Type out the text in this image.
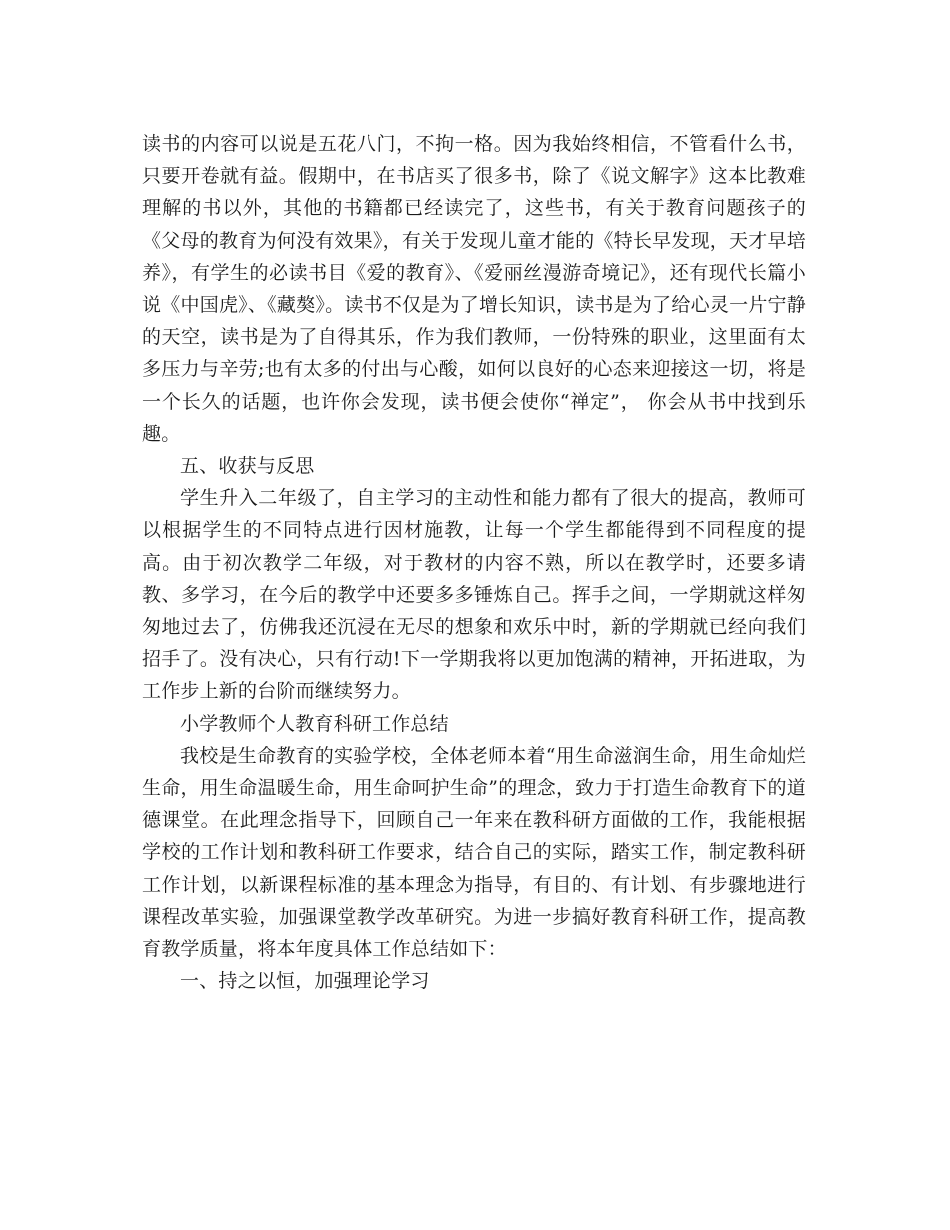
读书的内容可以说是五花八门，不拘一格。因为我始终相信，不管看什么书，只要开卷就有益。假期中，在书店买了很多书，除了《说文解字》这本比教难理解的书以外，其他的书籍都已经读完了，这些书，有关于教育问题孩子的《父母的教育为何没有效果》，有关于发现儿童才能的《特长早发现，天才早培养》，有学生的必读书目《爱的教育》、《爱丽丝漫游奇境记》，还有现代长篇小说《中国虎》、《藏獒》。读书不仅是为了增长知识，读书是为了给心灵一片宁静的天空，读书是为了自得其乐，作为我们教师，一份特殊的职业，这里面有太多压力与辛劳;也有太多的付出与心酸，如何以良好的心态来迎接这一切，将是一个长久的话题，也许你会发现，读书便会使你“禅定”， 你会从书中找到乐趣。

五、收获与反思

学生升入二年级了，自主学习的主动性和能力都有了很大的提高，教师可以根据学生的不同特点进行因材施教，让每一个学生都能得到不同程度的提高。由于初次教学二年级，对于教材的内容不熟，所以在教学时，还要多请教、多学习，在今后的教学中还要多多锤炼自己。挥手之间，一学期就这样匆匆地过去了，仿佛我还沉浸在无尽的想象和欢乐中时，新的学期就已经向我们招手了。没有决心，只有行动!下一学期我将以更加饱满的精神，开拓进取，为工作步上新的台阶而继续努力。

小学教师个人教育科研工作总结

我校是生命教育的实验学校，全体老师本着“用生命滋润生命，用生命灿烂生命，用生命温暖生命，用生命呵护生命”的理念，致力于打造生命教育下的道德课堂。在此理念指导下，回顾自己一年来在教科研方面做的工作，我能根据学校的工作计划和教科研工作要求，结合自己的实际，踏实工作，制定教科研工作计划，以新课程标准的基本理念为指导，有目的、有计划、有步骤地进行课程改革实验，加强课堂教学改革研究。为进一步搞好教育科研工作，提高教育教学质量，将本年度具体工作总结如下：

一、持之以恒，加强理论学习
